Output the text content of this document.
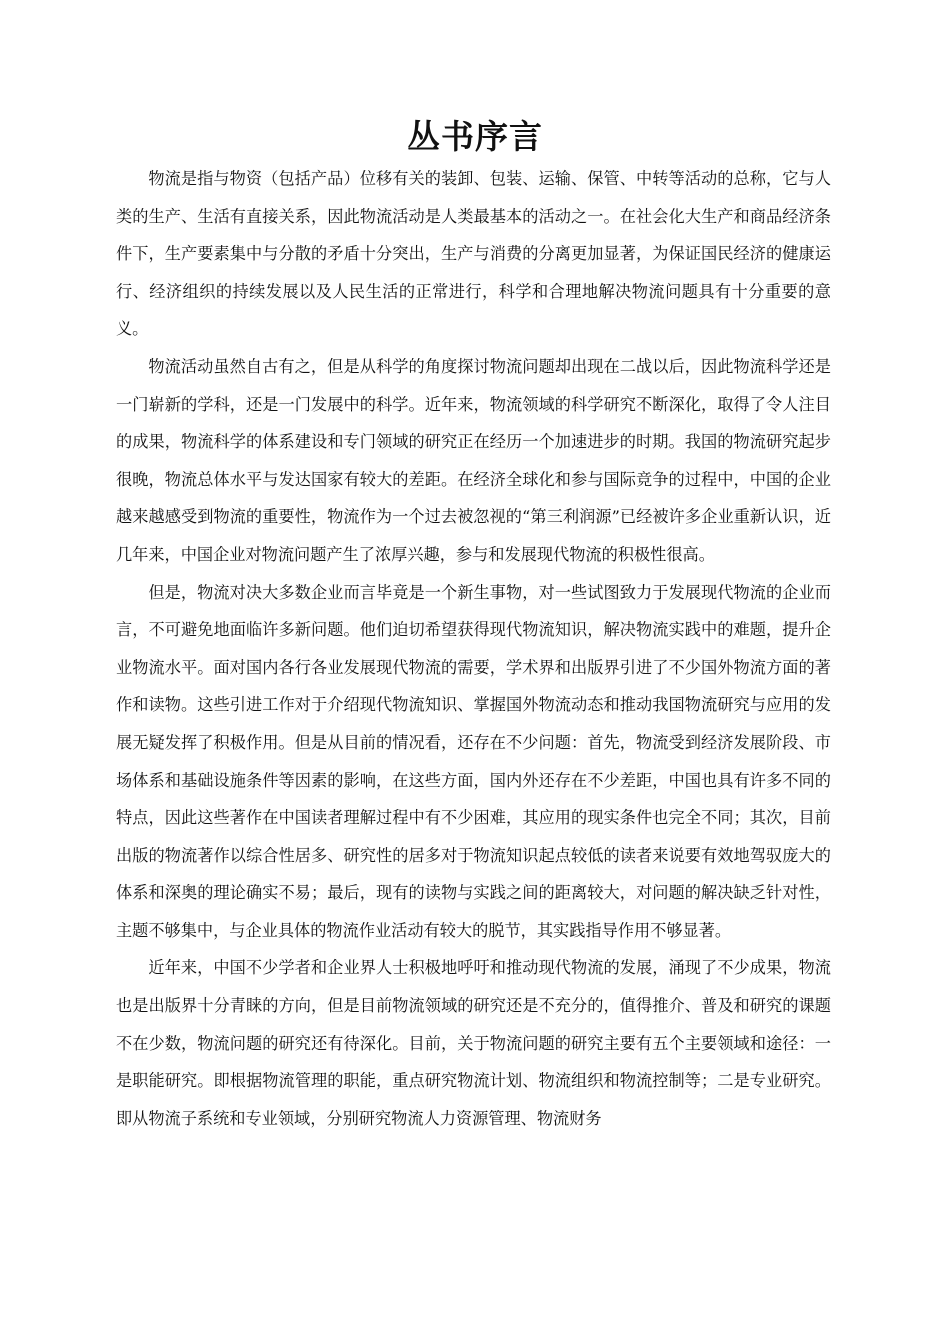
丛书序言

物流是指与物资（包括产品）位移有关的装卸、包装、运输、保管、中转等活动的总称，它与人类的生产、生活有直接关系，因此物流活动是人类最基本的活动之一。在社会化大生产和商品经济条件下，生产要素集中与分散的矛盾十分突出，生产与消费的分离更加显著，为保证国民经济的健康运行、经济组织的持续发展以及人民生活的正常进行，科学和合理地解决物流问题具有十分重要的意义。

物流活动虽然自古有之，但是从科学的角度探讨物流问题却出现在二战以后，因此物流科学还是一门崭新的学科，还是一门发展中的科学。近年来，物流领域的科学研究不断深化，取得了令人注目的成果，物流科学的体系建设和专门领域的研究正在经历一个加速进步的时期。我国的物流研究起步很晚，物流总体水平与发达国家有较大的差距。在经济全球化和参与国际竞争的过程中，中国的企业越来越感受到物流的重要性，物流作为一个过去被忽视的“第三利润源”已经被许多企业重新认识，近几年来，中国企业对物流问题产生了浓厚兴趣，参与和发展现代物流的积极性很高。

但是，物流对决大多数企业而言毕竟是一个新生事物，对一些试图致力于发展现代物流的企业而言，不可避免地面临许多新问题。他们迫切希望获得现代物流知识，解决物流实践中的难题，提升企业物流水平。面对国内各行各业发展现代物流的需要，学术界和出版界引进了不少国外物流方面的著作和读物。这些引进工作对于介绍现代物流知识、掌握国外物流动态和推动我国物流研究与应用的发展无疑发挥了积极作用。但是从目前的情况看，还存在不少问题：首先，物流受到经济发展阶段、市场体系和基础设施条件等因素的影响，在这些方面，国内外还存在不少差距，中国也具有许多不同的特点，因此这些著作在中国读者理解过程中有不少困难，其应用的现实条件也完全不同；其次，目前出版的物流著作以综合性居多、研究性的居多对于物流知识起点较低的读者来说要有效地驾驭庞大的体系和深奥的理论确实不易；最后，现有的读物与实践之间的距离较大，对问题的解决缺乏针对性，主题不够集中，与企业具体的物流作业活动有较大的脱节，其实践指导作用不够显著。

近年来，中国不少学者和企业界人士积极地呼吁和推动现代物流的发展，涌现了不少成果，物流也是出版界十分青睐的方向，但是目前物流领域的研究还是不充分的，值得推介、普及和研究的课题不在少数，物流问题的研究还有待深化。目前，关于物流问题的研究主要有五个主要领域和途径：一是职能研究。即根据物流管理的职能，重点研究物流计划、物流组织和物流控制等；二是专业研究。即从物流子系统和专业领域，分别研究物流人力资源管理、物流财务
